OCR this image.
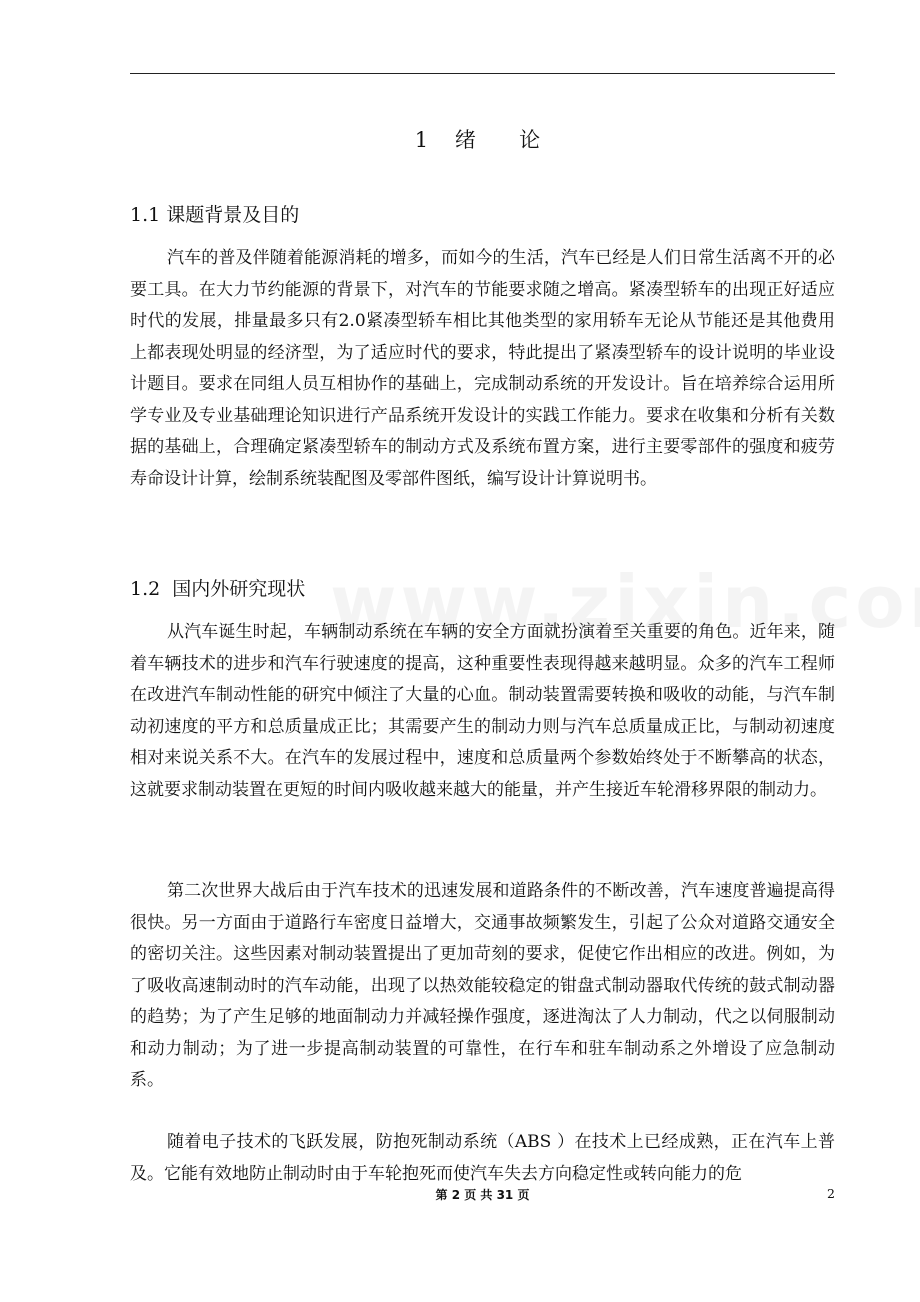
1 绪  论
1.1 课题背景及目的

汽车的普及伴随着能源消耗的增多，而如今的生活，汽车已经是人们日常生活离不开的必要工具。在大力节约能源的背景下，对汽车的节能要求随之增高。紧凑型轿车的出现正好适应时代的发展，排量最多只有2.0紧凑型轿车相比其他类型的家用轿车无论从节能还是其他费用上都表现处明显的经济型，为了适应时代的要求，特此提出了紧凑型轿车的设计说明的毕业设计题目。要求在同组人员互相协作的基础上，完成制动系统的开发设计。旨在培养综合运用所学专业及专业基础理论知识进行产品系统开发设计的实践工作能力。要求在收集和分析有关数据的基础上，合理确定紧凑型轿车的制动方式及系统布置方案，进行主要零部件的强度和疲劳寿命设计计算，绘制系统装配图及零部件图纸，编写设计计算说明书。

1.2  国内外研究现状

从汽车诞生时起，车辆制动系统在车辆的安全方面就扮演着至关重要的角色。近年来，随着车辆技术的进步和汽车行驶速度的提高，这种重要性表现得越来越明显。众多的汽车工程师在改进汽车制动性能的研究中倾注了大量的心血。制动装置需要转换和吸收的动能，与汽车制动初速度的平方和总质量成正比；其需要产生的制动力则与汽车总质量成正比，与制动初速度相对来说关系不大。在汽车的发展过程中，速度和总质量两个参数始终处于不断攀高的状态，这就要求制动装置在更短的时间内吸收越来越大的能量，并产生接近车轮滑移界限的制动力。

第二次世界大战后由于汽车技术的迅速发展和道路条件的不断改善，汽车速度普遍提高得很快。另一方面由于道路行车密度日益增大，交通事故频繁发生，引起了公众对道路交通安全的密切关注。这些因素对制动装置提出了更加苛刻的要求，促使它作出相应的改进。例如，为了吸收高速制动时的汽车动能，出现了以热效能较稳定的钳盘式制动器取代传统的鼓式制动器的趋势；为了产生足够的地面制动力并减轻操作强度，逐进淘汰了人力制动，代之以伺服制动和动力制动；为了进一步提高制动装置的可靠性，在行车和驻车制动系之外增设了应急制动系。

随着电子技术的飞跃发展，防抱死制动系统（ABS ）在技术上已经成熟，正在汽车上普及。它能有效地防止制动时由于车轮抱死而使汽车失去方向稳定性或转向能力的危

第 2 页 共 31 页	2
